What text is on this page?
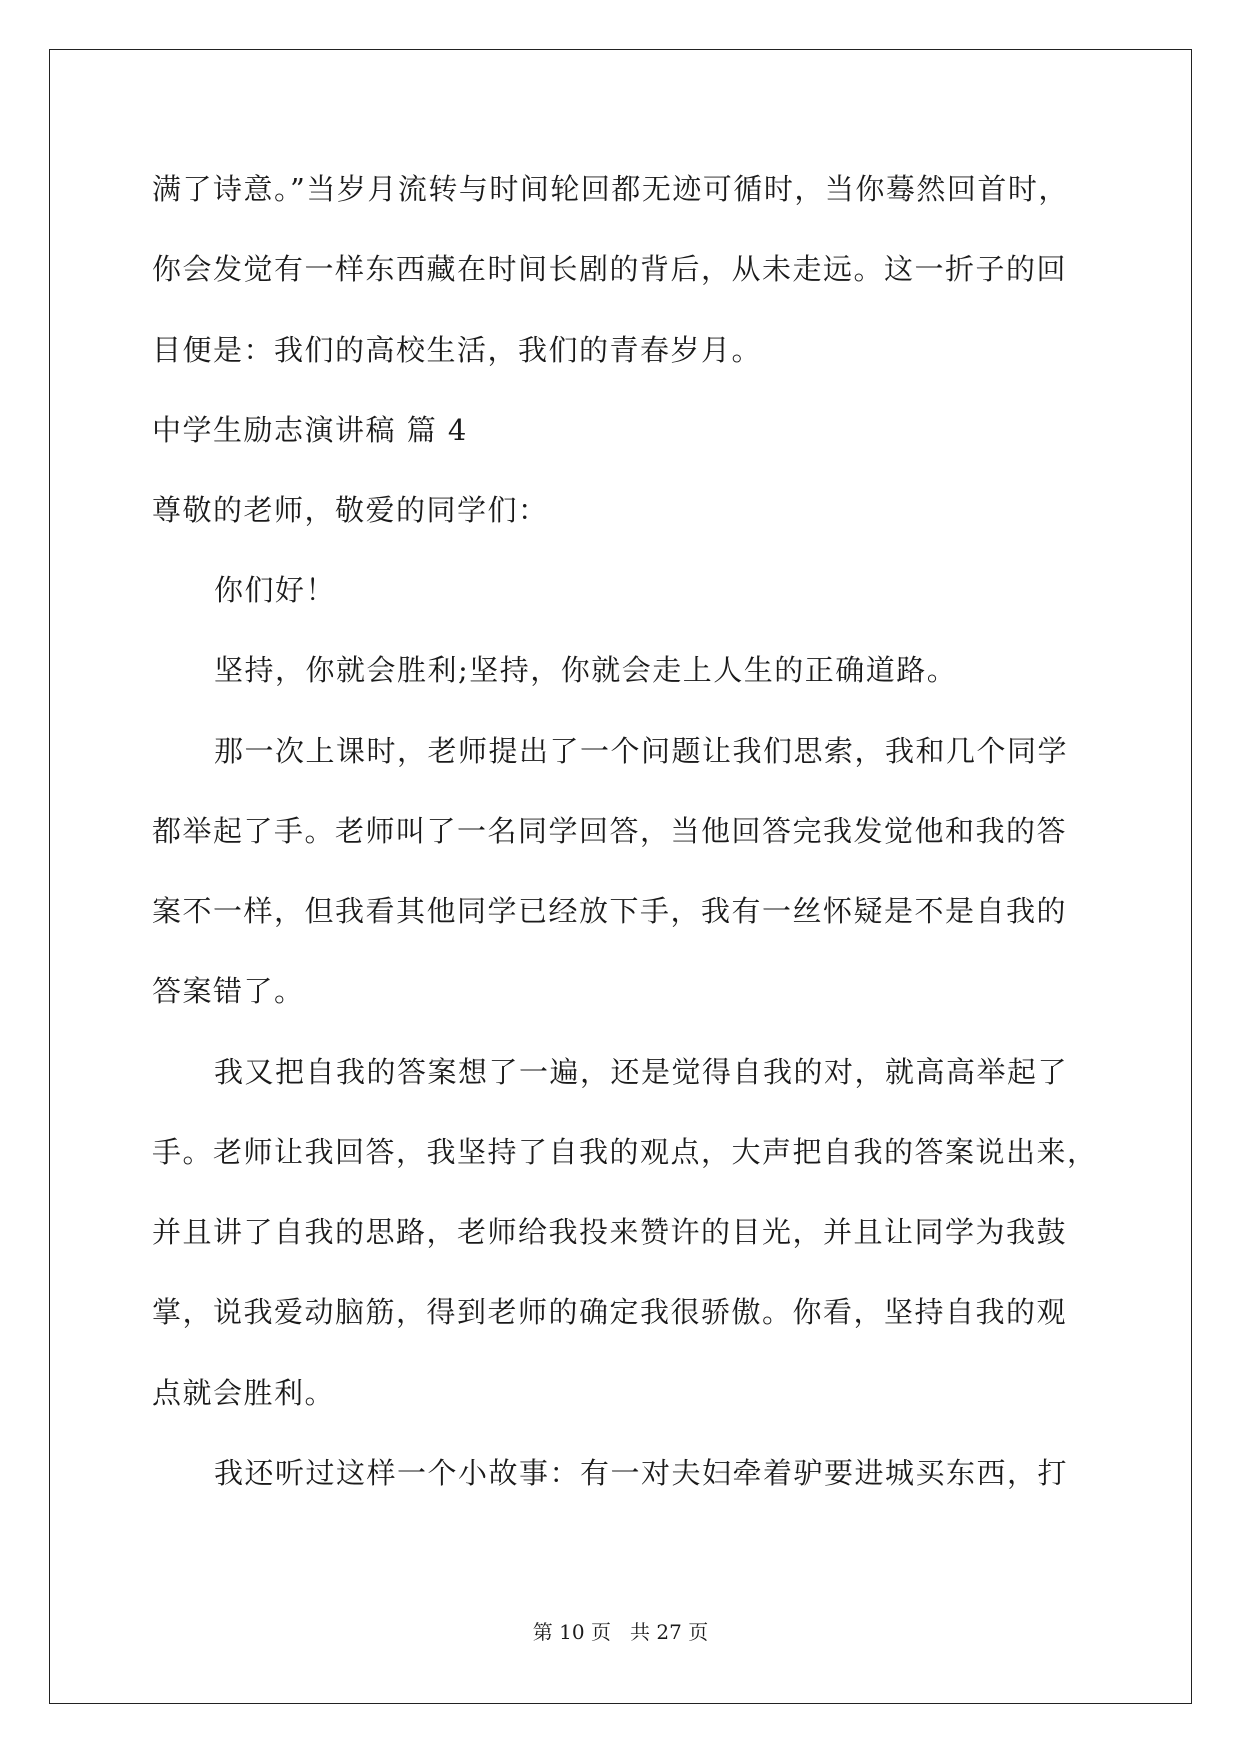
满了诗意。”当岁月流转与时间轮回都无迹可循时，当你蓦然回首时，
你会发觉有一样东西藏在时间长剧的背后，从未走远。这一折子的回
目便是：我们的高校生活，我们的青春岁月。
中学生励志演讲稿 篇 4
尊敬的老师，敬爱的同学们：
你们好！
坚持，你就会胜利;坚持，你就会走上人生的正确道路。
那一次上课时，老师提出了一个问题让我们思索，我和几个同学
都举起了手。老师叫了一名同学回答，当他回答完我发觉他和我的答
案不一样，但我看其他同学已经放下手，我有一丝怀疑是不是自我的
答案错了。
我又把自我的答案想了一遍，还是觉得自我的对，就高高举起了
手。老师让我回答，我坚持了自我的观点，大声把自我的答案说出来，
并且讲了自我的思路，老师给我投来赞许的目光，并且让同学为我鼓
掌，说我爱动脑筋，得到老师的确定我很骄傲。你看，坚持自我的观
点就会胜利。
我还听过这样一个小故事：有一对夫妇牵着驴要进城买东西，打
第 10 页   共 27 页
